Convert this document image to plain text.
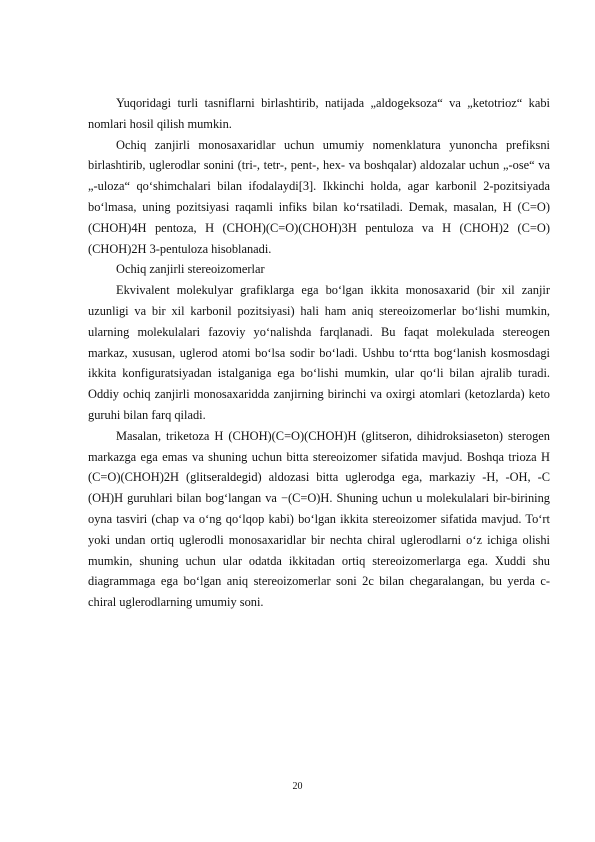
Yuqoridagi turli tasniflarni birlashtirib, natijada „aldogeksoza“ va „ketotrioz“ kabi nomlari hosil qilish mumkin.

Ochiq zanjirli monosaxaridlar uchun umumiy nomenklatura yunoncha prefiksni birlashtirib, uglerodlar sonini (tri-, tetr-, pent-, hex- va boshqalar) aldozalar uchun „-ose“ va „-uloza“ qoʻshimchalari bilan ifodalaydi[3]. Ikkinchi holda, agar karbonil 2-pozitsiyada boʻlmasa, uning pozitsiyasi raqamli infiks bilan koʻrsatiladi. Demak, masalan, H (C=O)(CHOH)4H pentoza, H (CHOH)(C=O)(CHOH)3H pentuloza va H (CHOH)2 (C=O)(CHOH)2H 3-pentuloza hisoblanadi.

Ochiq zanjirli stereoizomerlar

Ekvivalent molekulyar grafiklarga ega boʻlgan ikkita monosaxarid (bir xil zanjir uzunligi va bir xil karbonil pozitsiyasi) hali ham aniq stereoizomerlar boʻlishi mumkin, ularning molekulalari fazoviy yoʻnalishda farqlanadi. Bu faqat molekulada stereogen markaz, xususan, uglerod atomi boʻlsa sodir boʻladi. Ushbu toʻrtta bogʻlanish kosmosdagi ikkita konfiguratsiyadan istalganiga ega boʻlishi mumkin, ular qoʻli bilan ajralib turadi. Oddiy ochiq zanjirli monosaxaridda zanjirning birinchi va oxirgi atomlari (ketozlarda) keto guruhi bilan farq qiladi.

Masalan, triketoza H (CHOH)(C=O)(CHOH)H (glitseron, dihidroksiaseton) sterogen markazga ega emas va shuning uchun bitta stereoizomer sifatida mavjud. Boshqa trioza H (C=O)(CHOH)2H (glitseraldegid) aldozasi bitta uglerodga ega, markaziy -H, -OH, -C (OH)H guruhlari bilan bogʻlangan va −(C=O)H. Shuning uchun u molekulalari bir-birining oyna tasviri (chap va oʻng qoʻlqop kabi) boʻlgan ikkita stereoizomer sifatida mavjud. Toʻrt yoki undan ortiq uglerodli monosaxaridlar bir nechta chiral uglerodlarni oʻz ichiga olishi mumkin, shuning uchun ular odatda ikkitadan ortiq stereoizomerlarga ega. Xuddi shu diagrammaga ega boʻlgan aniq stereoizomerlar soni 2c bilan chegaralangan, bu yerda c-chiral uglerodlarning umumiy soni.

20
